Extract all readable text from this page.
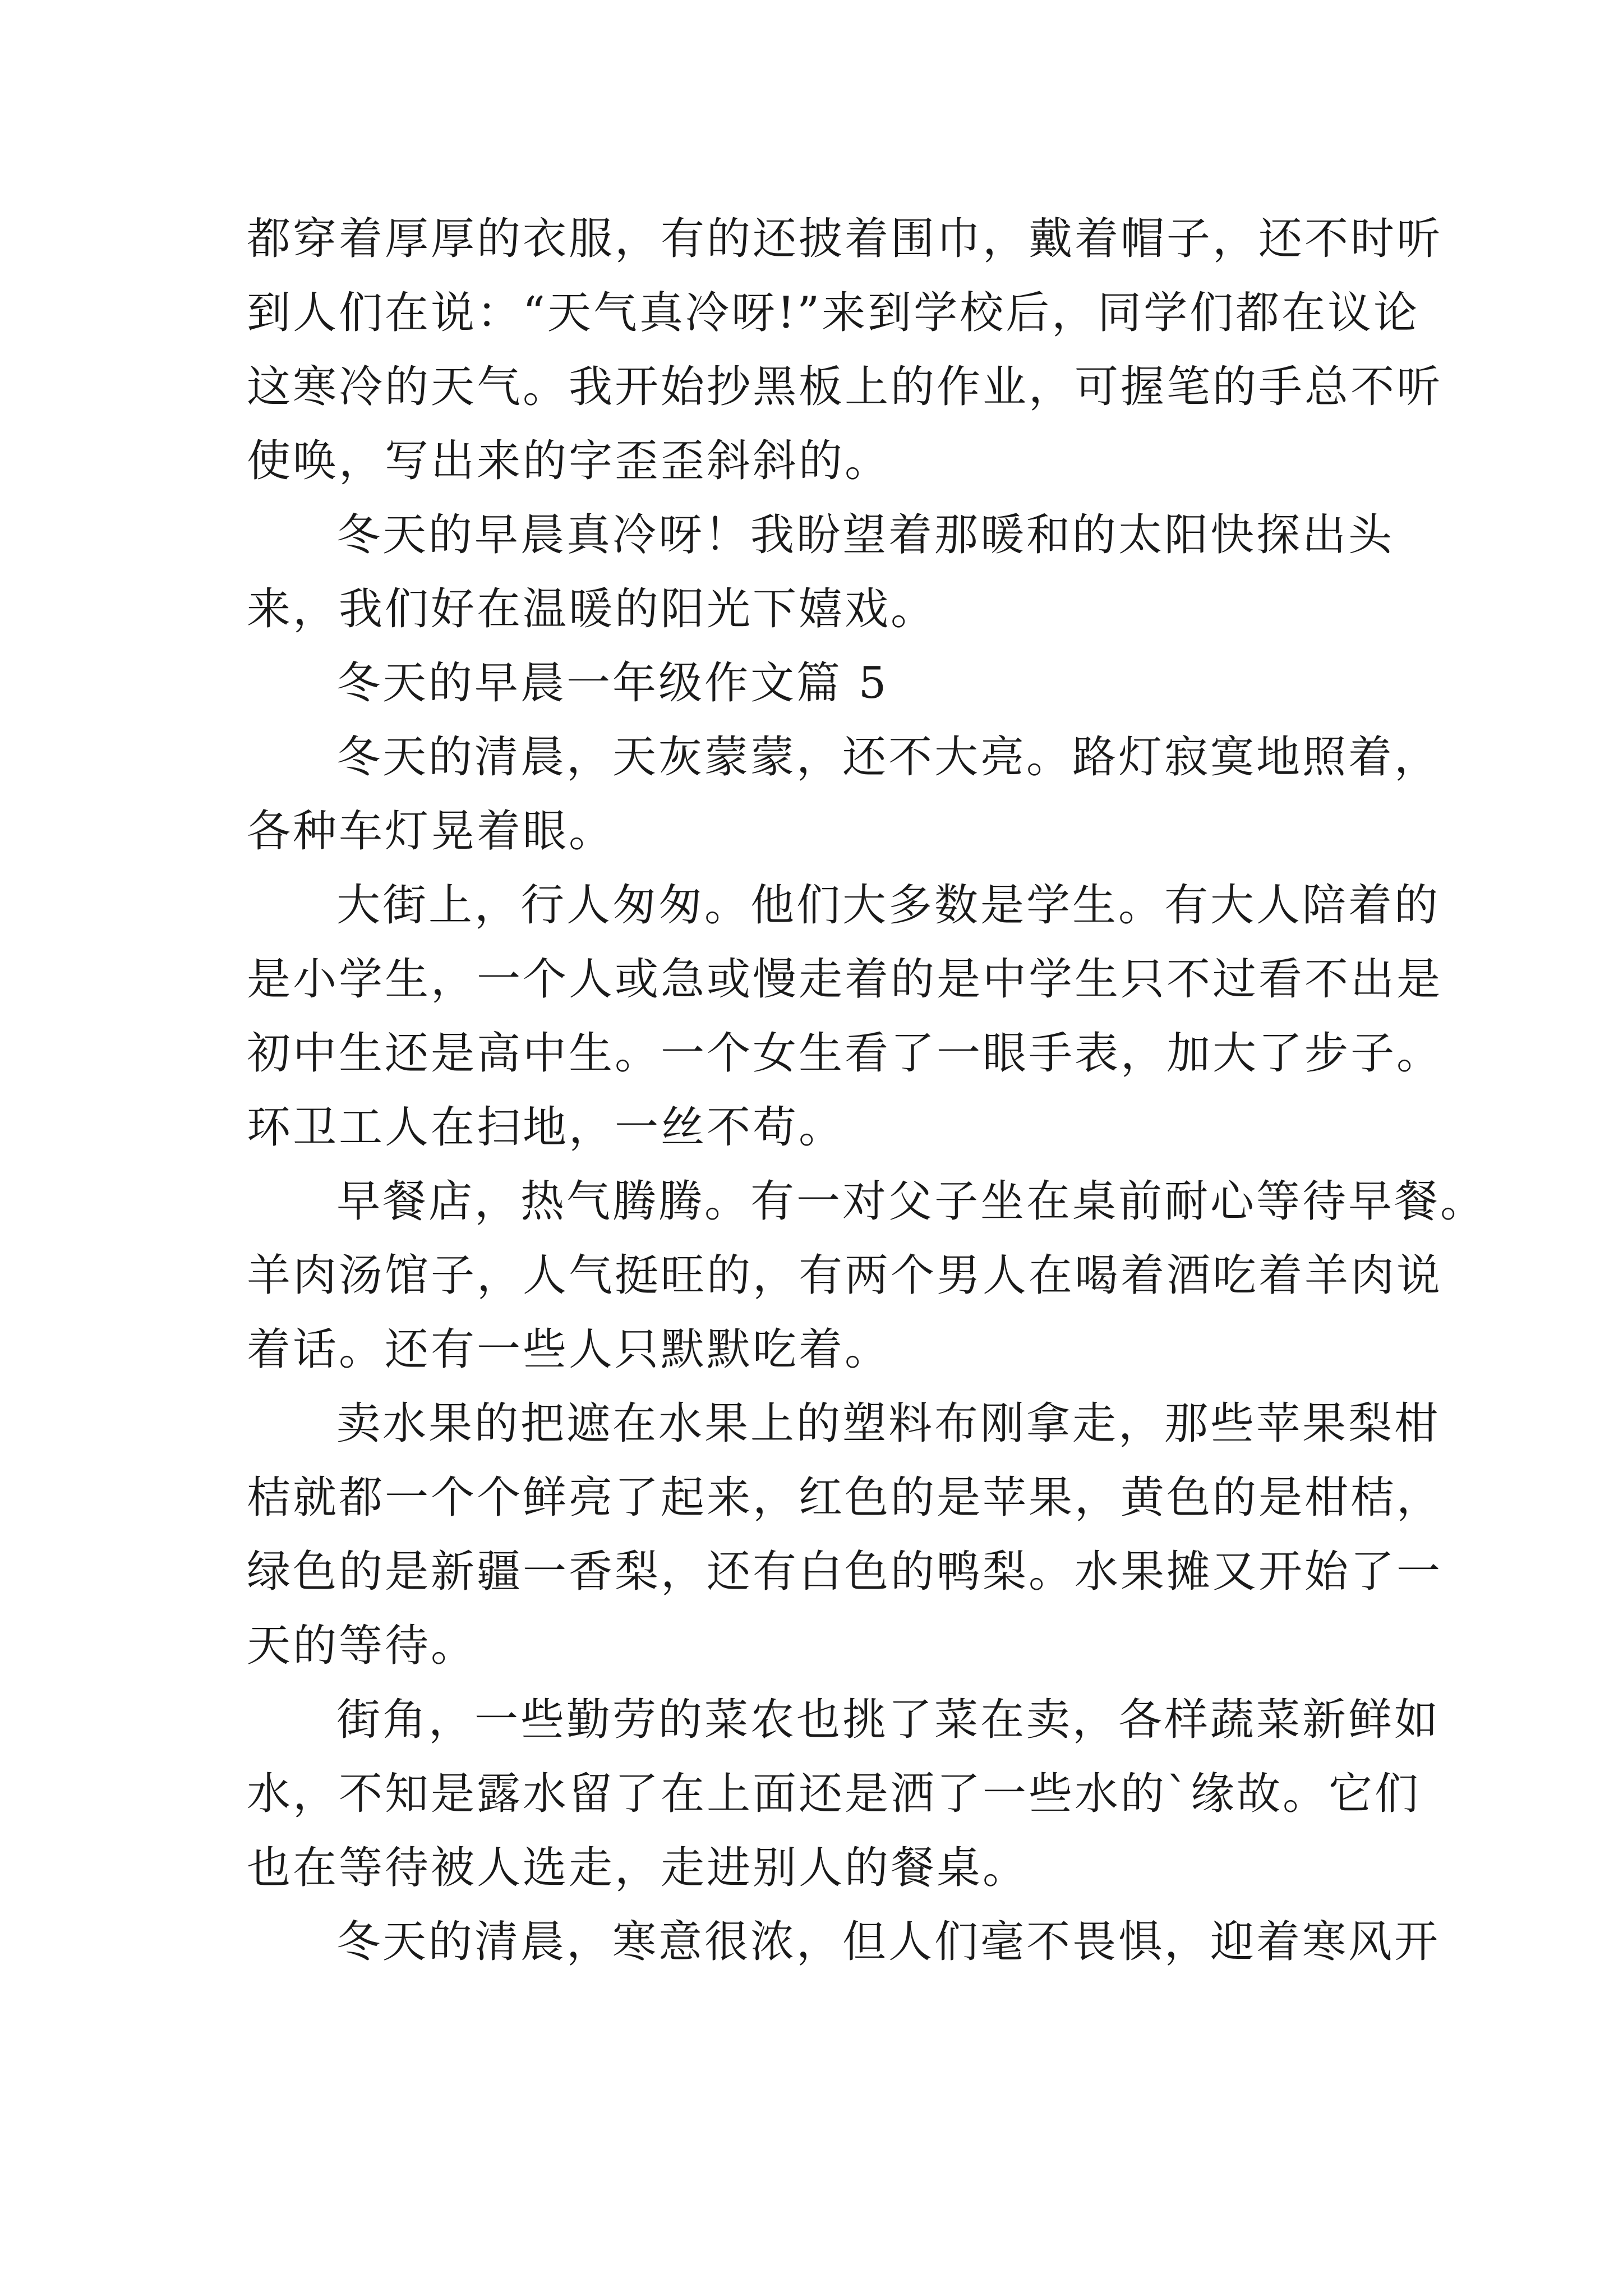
都穿着厚厚的衣服，有的还披着围巾，戴着帽子，还不时听
到人们在说：“天气真冷呀!”来到学校后，同学们都在议论
这寒冷的天气。我开始抄黑板上的作业，可握笔的手总不听
使唤，写出来的字歪歪斜斜的。
冬天的早晨真冷呀！我盼望着那暖和的太阳快探出头
来，我们好在温暖的阳光下嬉戏。
冬天的早晨一年级作文篇 5
冬天的清晨，天灰蒙蒙，还不大亮。路灯寂寞地照着，
各种车灯晃着眼。
大街上，行人匆匆。他们大多数是学生。有大人陪着的
是小学生，一个人或急或慢走着的是中学生只不过看不出是
初中生还是高中生。一个女生看了一眼手表，加大了步子。
环卫工人在扫地，一丝不苟。
早餐店，热气腾腾。有一对父子坐在桌前耐心等待早餐。
羊肉汤馆子，人气挺旺的，有两个男人在喝着酒吃着羊肉说
着话。还有一些人只默默吃着。
卖水果的把遮在水果上的塑料布刚拿走，那些苹果梨柑
桔就都一个个鲜亮了起来，红色的是苹果，黄色的是柑桔，
绿色的是新疆一香梨，还有白色的鸭梨。水果摊又开始了一
天的等待。
街角，一些勤劳的菜农也挑了菜在卖，各样蔬菜新鲜如
水，不知是露水留了在上面还是洒了一些水的`缘故。它们
也在等待被人选走，走进别人的餐桌。
冬天的清晨，寒意很浓，但人们毫不畏惧，迎着寒风开
